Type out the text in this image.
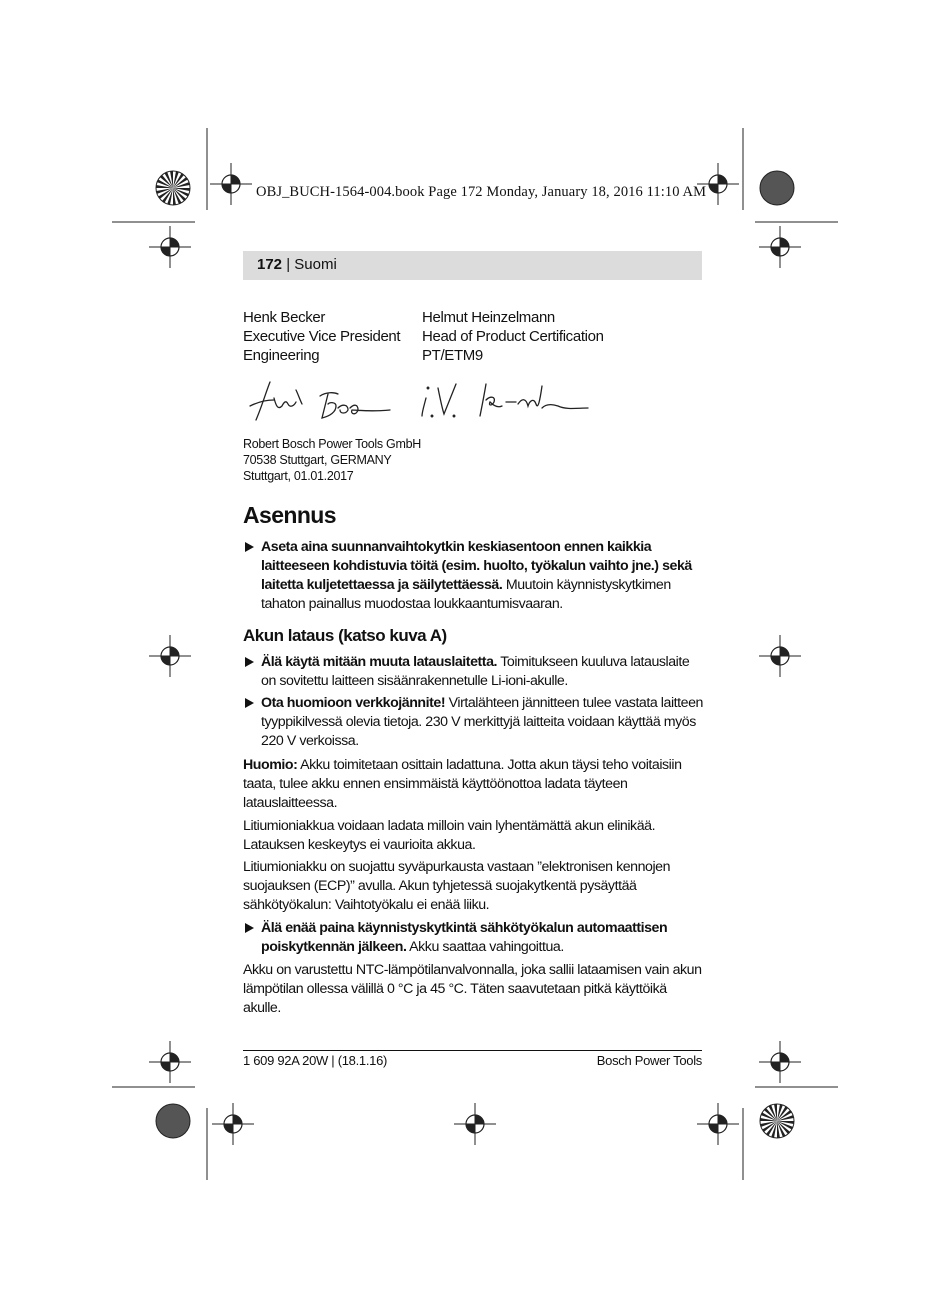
OBJ_BUCH-1564-004.book Page 172 Monday, January 18, 2016 11:10 AM
172 | Suomi
Henk Becker
Executive Vice President
Engineering
Helmut Heinzelmann
Head of Product Certification
PT/ETM9
Robert Bosch Power Tools GmbH
70538 Stuttgart, GERMANY
Stuttgart, 01.01.2017
Asennus
Aseta aina suunnanvaihtokytkin keskiasentoon ennen kaikkia laitteeseen kohdistuvia töitä (esim. huolto, työkalun vaihto jne.) sekä laitetta kuljetettaessa ja säilytettäessä. Muutoin käynnistyskytkimen tahaton painallus muodostaa loukkaantumisvaaran.
Akun lataus (katso kuva A)
Älä käytä mitään muuta latauslaitetta. Toimitukseen kuuluva latauslaite on sovitettu laitteen sisäänrakennetulle Li-ioni-akulle.
Ota huomioon verkkojännite! Virtalähteen jännitteen tulee vastata laitteen tyyppikilvessä olevia tietoja. 230 V merkittyjä laitteita voidaan käyttää myös 220 V verkoissa.
Huomio: Akku toimitetaan osittain ladattuna. Jotta akun täysi teho voitaisiin taata, tulee akku ennen ensimmäistä käyttöönottoa ladata täyteen latauslaitteessa.
Litiumioniakkua voidaan ladata milloin vain lyhentämättä akun elinikää. Latauksen keskeytys ei vaurioita akkua.
Litiumioniakku on suojattu syväpurkausta vastaan ”elektronisen kennojen suojauksen (ECP)” avulla. Akun tyhjetessä suojakytkentä pysäyttää sähkötyökalun: Vaihtotyökalu ei enää liiku.
Älä enää paina käynnistyskytkintä sähkötyökalun automaattisen poiskytkennän jälkeen. Akku saattaa vahingoittua.
Akku on varustettu NTC-lämpötilanvalvonnalla, joka sallii lataamisen vain akun lämpötilan ollessa välillä 0 °C ja 45 °C. Täten saavutetaan pitkä käyttöikä akulle.
1 609 92A 20W | (18.1.16)	Bosch Power Tools
